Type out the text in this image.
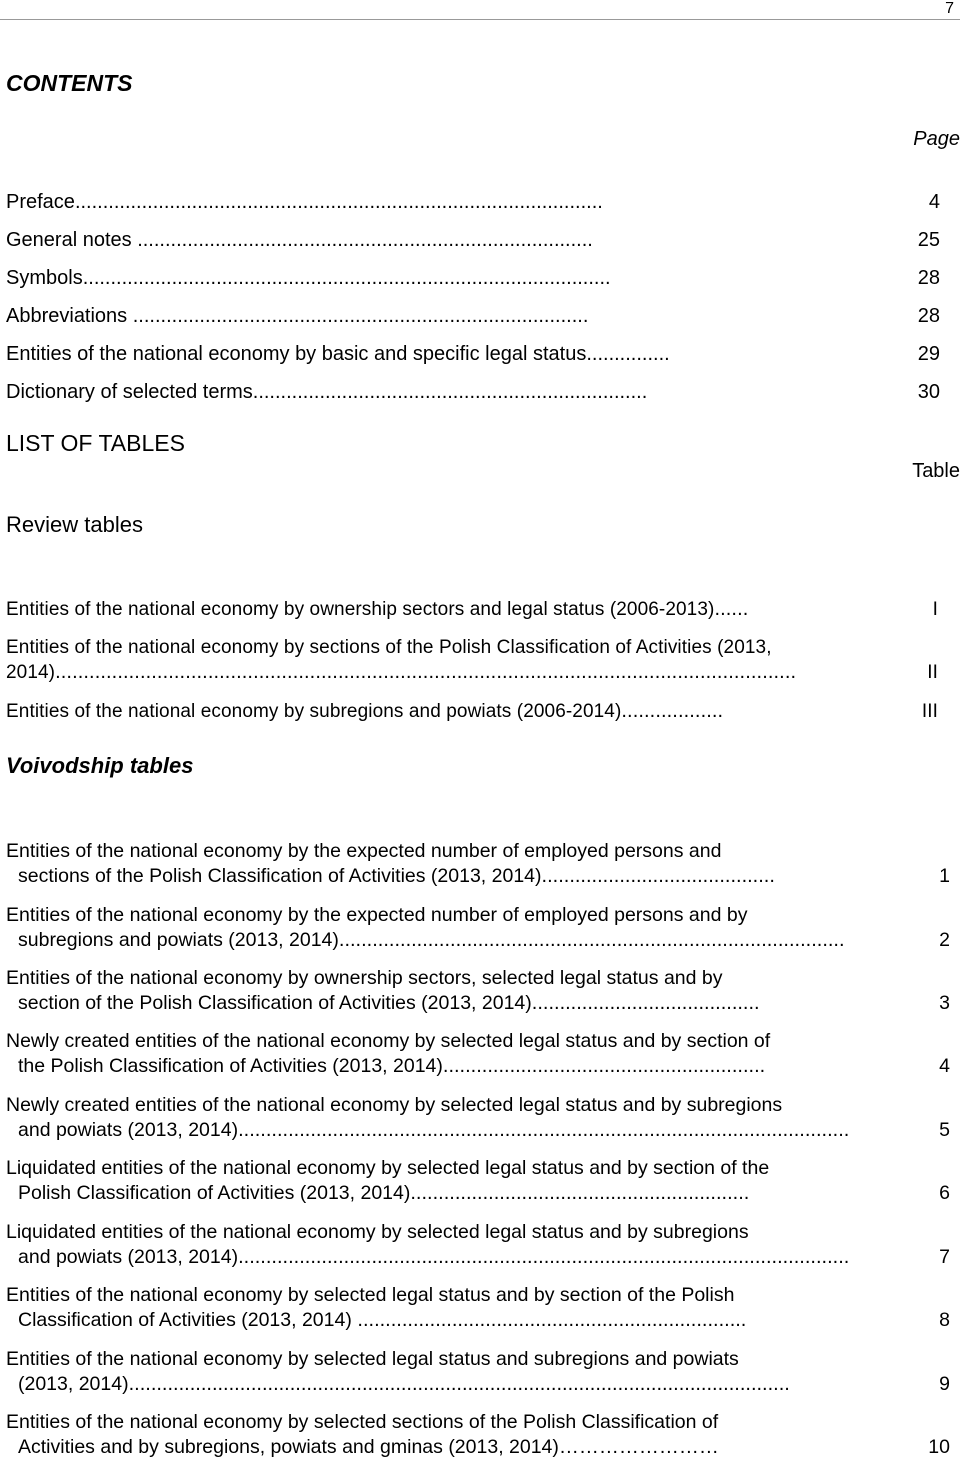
7
CONTENTS
Page
Preface...............................................................................................	4
General notes ..................................................................................	25
Symbols...............................................................................................	28
Abbreviations ..................................................................................	28
Entities of the national economy by basic and specific legal status...............	29
Dictionary of selected terms.......................................................................	30
LIST OF TABLES
Table
Review tables
Entities of the national economy by ownership sectors and legal status (2006-2013)......	I
Entities of the national economy by sections of the Polish Classification of Activities (2013,
2014)...................................................................................................................................	II
Entities of the national economy by subregions and powiats (2006-2014)..................	III
Voivodship tables
Entities of the national economy by the expected number of employed persons and
sections of the Polish Classification of Activities (2013, 2014)..........................................	1
Entities of the national economy by the expected number of employed persons and by
subregions and powiats (2013, 2014)...........................................................................................	2
Entities of the national economy by ownership sectors, selected legal status and by
section of the Polish Classification of Activities (2013, 2014).........................................	3
Newly created entities of the national economy by selected legal status and by section of
the Polish Classification of Activities (2013, 2014)..........................................................	4
Newly created entities of the national economy by selected legal status and by subregions
and powiats (2013, 2014)..............................................................................................................	5
Liquidated entities of the national economy by selected legal status and by section of the
Polish Classification of Activities (2013, 2014).............................................................	6
Liquidated entities of the national economy by selected legal status and by subregions
and powiats (2013, 2014)..............................................................................................................	7
Entities of the national economy by selected legal status and by section of the Polish
Classification of Activities (2013, 2014) ......................................................................	8
Entities of the national economy by selected legal status and subregions and powiats
(2013, 2014).......................................................................................................................	9
Entities of the national economy by selected sections of the Polish Classification of
Activities and by subregions, powiats and gminas (2013, 2014)……………………	10
